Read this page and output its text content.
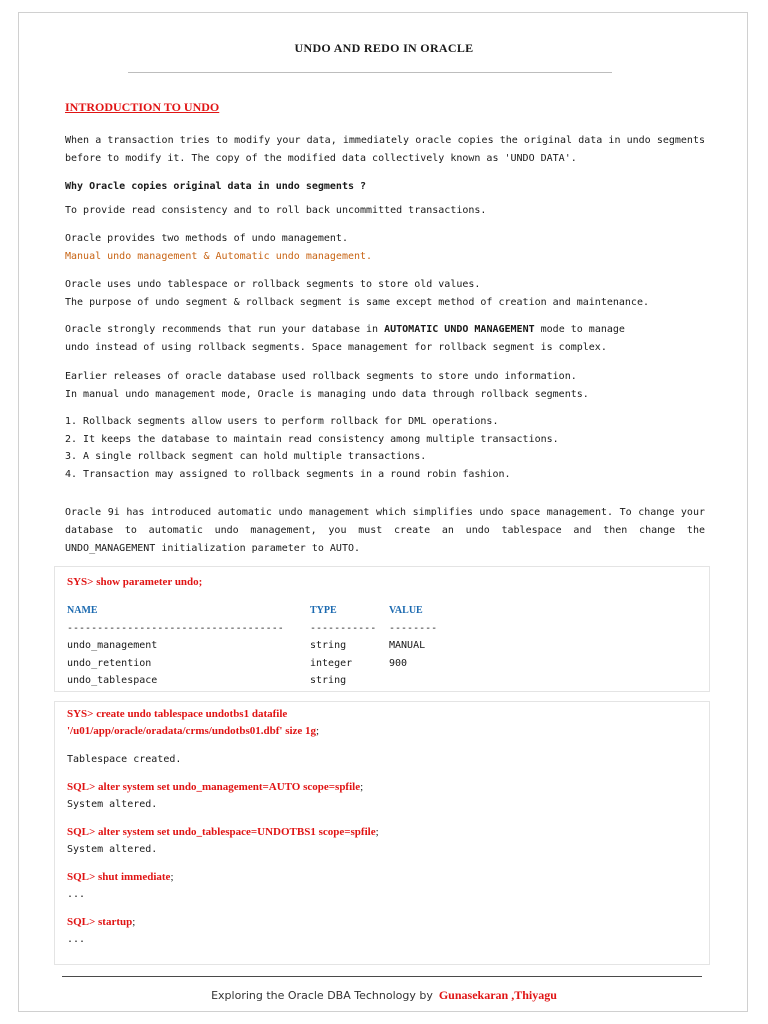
UNDO AND REDO IN ORACLE
INTRODUCTION TO UNDO

When a transaction tries to modify your data, immediately oracle copies the original data in undo segments before to modify it. The copy of the modified data collectively known as 'UNDO DATA'.

Why Oracle copies original data in undo segments ?

To provide read consistency and to roll back uncommitted transactions.

Oracle provides two methods of undo management.

Manual undo management & Automatic undo management.

Oracle uses undo tablespace or rollback segments to store old values.

The purpose of undo segment & rollback segment is same except method of creation and maintenance.

Oracle strongly recommends that run your database in AUTOMATIC UNDO MANAGEMENT mode to manage

undo instead of using rollback segments. Space management for rollback segment is complex.

Earlier releases of oracle database used rollback segments to store undo information.

In manual undo management mode, Oracle is managing undo data through rollback segments.

1. Rollback segments allow users to perform rollback for DML operations.

2. It keeps the database to maintain read consistency among multiple transactions.

3. A single rollback segment can hold multiple transactions.

4. Transaction may assigned to rollback segments in a round robin fashion.

Oracle 9i has introduced automatic undo management which simplifies undo space management. To change your database to automatic undo management, you must create an undo tablespace and then change the UNDO_MANAGEMENT initialization parameter to AUTO.

SYS> show parameter undo;
NAME	TYPE	VALUE
------------------------------------	-----------	--------
undo_management	string	MANUAL
undo_retention	integer	900
undo_tablespace	string	
SYS> create undo tablespace undotbs1 datafile
'/u01/app/oracle/oradata/crms/undotbs01.dbf' size 1g;
Tablespace created.
SQL> alter system set undo_management=AUTO scope=spfile;
System altered.
SQL> alter system set undo_tablespace=UNDOTBS1 scope=spfile;
System altered.
SQL> shut immediate;
...
SQL> startup;
...
Exploring the Oracle DBA Technology by Gunasekaran ,Thiyagu
